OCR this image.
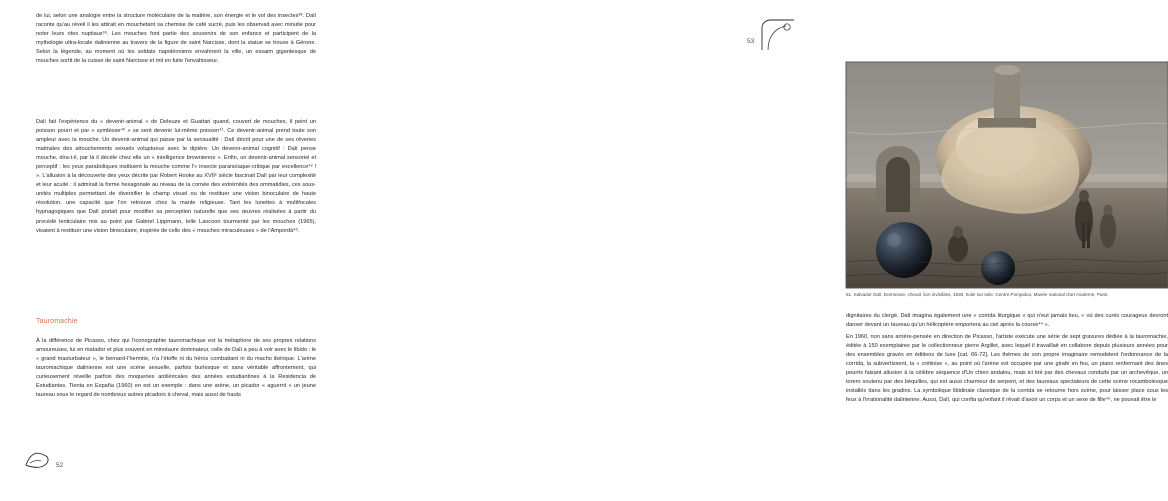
de lui, selon une analogie entre la structure moléculaire de la matière, son énergie et le vol des insectes³⁸. Dalí raconte qu'au réveil il les attirait en mouchetant sa chemise de café sucré, puis les observait avec minutie pour noter leurs rites nuptiaux³⁹. Les mouches font partie des souvenirs de son enfance et participent de la mythologie ultra-locale dalinienne au travers de la figure de saint Narcisse, dont la statue se trouve à Gérone. Selon la légende, au moment où les soldats napoléoniens envahirent la ville, un essaim gigantesque de mouches sortit de la cuisse de saint Narcisse et mit en fuite l'envahisseur.

Dalí fait l'expérience du « devenir-animal » de Deleuze et Guattari quand, couvert de mouches, il peint un poisson pourri et par « symbiose⁴⁰ » se sent devenir lui-même poisson⁴¹. Ce devenir-animal prend toute son ampleur avec la mouche. Un devenir-animal qui passe par la sensualité : Dalí décrit pour une de ses rêveries matinales des attouchements sexuels voluptueux avec le diptère. Un devenir-animal cognitif : Dalí pense mouche, dira-t-il, par là il décèle chez elle un « intelligence brownienne ». Enfin, un devenir-animal sensoriel et perceptif : les yeux paraboliques instituent la mouche comme l'« insecte paranoïaque-critique par excellence⁴² ! ». L'allusion à la découverte des yeux décrite par Robert Hooke au XVIIᵉ siècle fascinait Dalí par leur complexité et leur acuité : il admirait la forme hexagonale au niveau de la cornée des extrémités des ommatidies, ces sous-unités multiples permettant de diversifier le champ visuel ou de restituer une vision binoculaire de haute résolution, une capacité que l'on retrouve chez la mante religieuse. Tant les lunettes à multifocales hypnagogiques que Dalí portait pour modifier sa perception naturelle que ses œuvres réalisées à partir du procédé lenticulaire mis au point par Gabriel Lippmann, telle Laocoon tourmenté par les mouches (1965), visaient à restituer une vision binoculaire, inspirée de celle des « mouches miraculeuses » de l'Ampordà⁴³.

Tauromachie

À la différence de Picasso, chez qui l'iconographie tauromachique est la métaphore de ses propres relations amoureuses, lui en matador et plus souvent en minotaure dominateur, celle de Dalí a peu à voir avec le libido : le « grand masturbateur », le bernard-l'hermite, n'a l'étoffe ni du héros combattant ni du macho ibérique. L'arène tauromachique dalinienne est une scène sexuelle, parfois burlesque et sans véritable affrontement, qui curieusement réveille parfois des moqueries antiléricales des années estudiantines à la Residencia de Estudiantes. Tienta en España (1960) en est un exemple : dans une arène, un picador « aguerrit » un jeune taureau sous le regard de nombreux autres picadors à cheval, mais aussi de hauts

52
53
51. Salvador Dalí, Dormeuse, cheval, lion invisibles, 1930, huile sur toile. Centre Pompidou, Musée national d'art moderne, Paris.

dignitaires du clergé. Dalí imagina également une « corrida liturgique » qui n'eut jamais lieu, « où des curés courageux devront danser devant un taureau qu'un hélicoptère emportera au ciel après la course⁴⁴ ».

En 1960, non sans arrière-pensée en direction de Picasso, l'artiste exécute une série de sept gravures dédiée à la tauromachie, éditée à 150 exemplaires par le collectionneur pierre Argillet, avec lequel il travaillait en collabore depuis plusieurs années pour des ensembles gravés en éditions de luxe [cat. 66-72]. Les thèmes de son propre imaginaire remodelent l'ordonnance de la corrida, la subvertissent, la « crétinise », au point où l'arène est occupée par une girafe en feu, un piano renfermant des ânes pourris faisant allusion à la célèbre séquence d'Un chien andalou, mais ici tiré par des chevaux conduits par un archevêque, un torero soutenu par des béquilles, qui est aussi charmeur de serpent, et des taureaux spectateurs de cette scène rocambolesque installés dans les gradins. La symbolique libidinale classique de la corrida se retourne hors scène, pour laisser place sous les feux à l'irrationalité dalinienne. Aussi, Dalí, qui confia qu'enfant il rêvait d'avoir un corps et un sexe de fille⁴⁵, ne pouvait être le
